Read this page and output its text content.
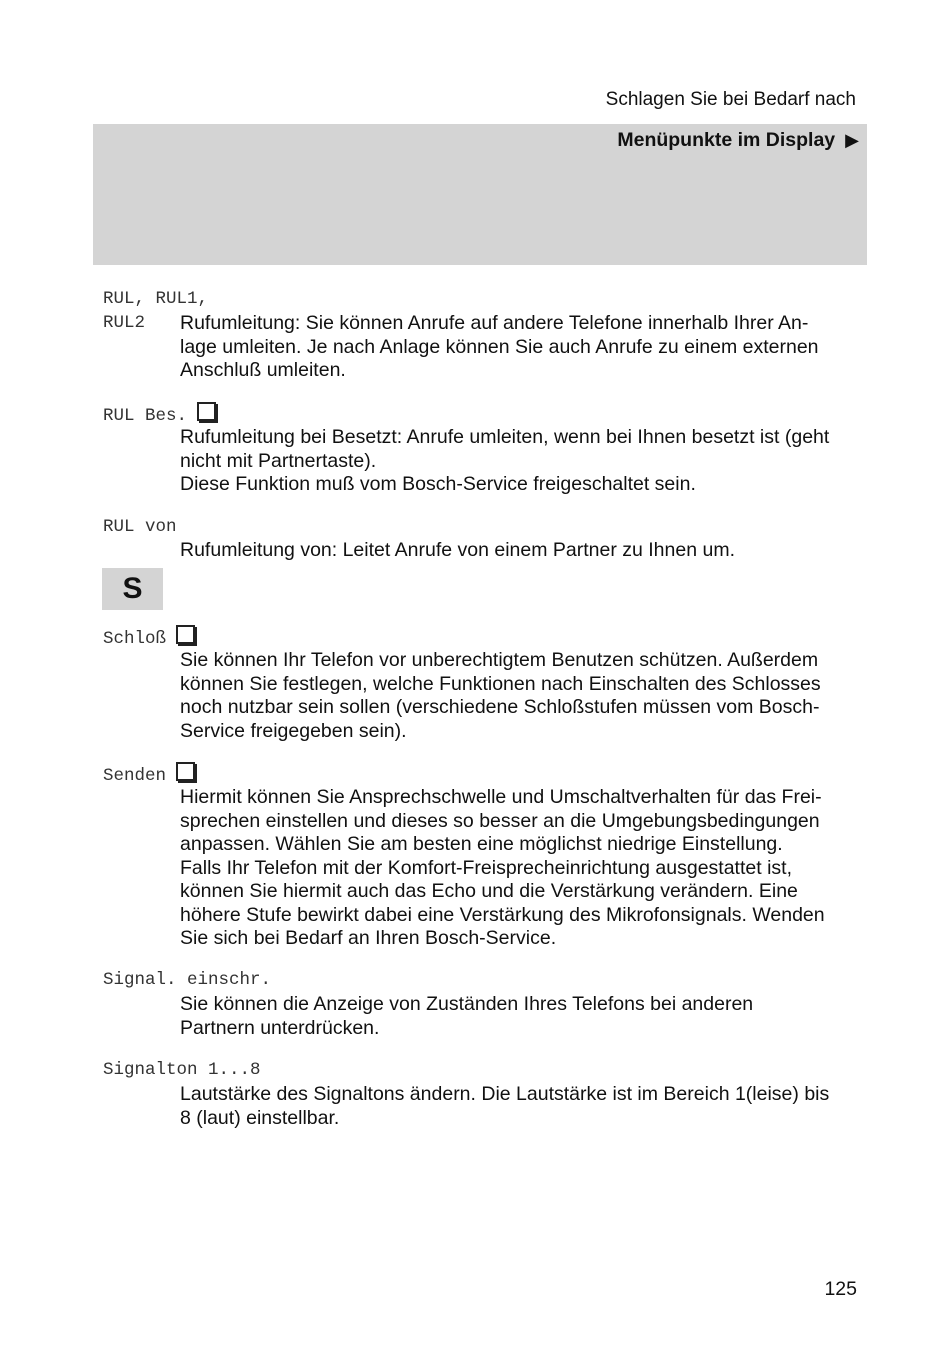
Schlagen Sie bei Bedarf nach
Menüpunkte im Display ▶
RUL, RUL1,
RUL2 Rufumleitung: Sie können Anrufe auf andere Telefone innerhalb Ihrer An-
lage umleiten. Je nach Anlage können Sie auch Anrufe zu einem externen
Anschluß umleiten.

RUL Bes.

Rufumleitung bei Besetzt: Anrufe umleiten, wenn bei Ihnen besetzt ist (geht
nicht mit Partnertaste).
Diese Funktion muß vom Bosch-Service freigeschaltet sein.

RUL von

Rufumleitung von: Leitet Anrufe von einem Partner zu Ihnen um.

S
Schloß

Sie können Ihr Telefon vor unberechtigtem Benutzen schützen. Außerdem
können Sie festlegen, welche Funktionen nach Einschalten des Schlosses
noch nutzbar sein sollen (verschiedene Schloßstufen müssen vom Bosch-
Service freigegeben sein).

Senden

Hiermit können Sie Ansprechschwelle und Umschaltverhalten für das Frei-
sprechen einstellen und dieses so besser an die Umgebungsbedingungen
anpassen. Wählen Sie am besten eine möglichst niedrige Einstellung.
Falls Ihr Telefon mit der Komfort-Freisprecheinrichtung ausgestattet ist,
können Sie hiermit auch das Echo und die Verstärkung verändern. Eine
höhere Stufe bewirkt dabei eine Verstärkung des Mikrofonsignals. Wenden
Sie sich bei Bedarf an Ihren Bosch-Service.

Signal. einschr.

Sie können die Anzeige von Zuständen Ihres Telefons bei anderen
Partnern unterdrücken.

Signalton 1...8

Lautstärke des Signaltons ändern. Die Lautstärke ist im Bereich 1(leise) bis
8 (laut) einstellbar.

125
